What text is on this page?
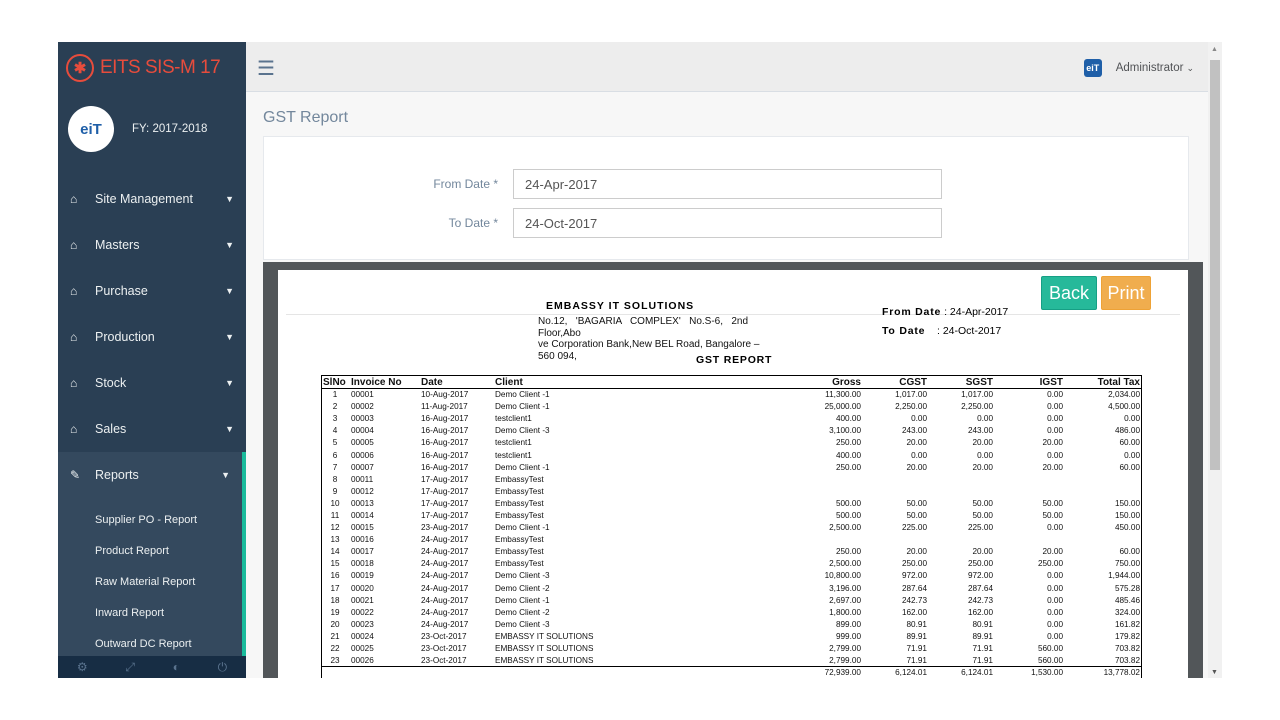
✱ EITS SIS-M 17
eiT	FY: 2017-2018
⌂	Site Management	▼
⌂	Masters	▼
⌂	Purchase	▼
⌂	Production	▼
⌂	Stock	▼
⌂	Sales	▼
✎	Reports	▼
Supplier PO - Report
Product Report
Raw Material Report
Inward Report
Outward DC Report
⚙	⤢	◐	⏻
☰	eiT Administrator ⌄
GST Report
From Date *
24-Apr-2017
To Date *
24-Oct-2017
Back	Print
EMBASSY IT SOLUTIONS
No.12,   'BAGARIA   COMPLEX'   No.S-6,   2nd
Floor,Abo
ve Corporation Bank,New BEL Road, Bangalore –
560 094,	GST REPORT
From Date : 24-Apr-2017
To Date : 24-Oct-2017
SlNo	Invoice No	Date	Client	Gross	CGST	SGST	IGST	Total Tax
1	00001	10-Aug-2017	Demo Client -1	11,300.00	1,017.00	1,017.00	0.00	2,034.00
2	00002	11-Aug-2017	Demo Client -1	25,000.00	2,250.00	2,250.00	0.00	4,500.00
3	00003	16-Aug-2017	testclient1	400.00	0.00	0.00	0.00	0.00
4	00004	16-Aug-2017	Demo Client -3	3,100.00	243.00	243.00	0.00	486.00
5	00005	16-Aug-2017	testclient1	250.00	20.00	20.00	20.00	60.00
6	00006	16-Aug-2017	testclient1	400.00	0.00	0.00	0.00	0.00
7	00007	16-Aug-2017	Demo Client -1	250.00	20.00	20.00	20.00	60.00
8	00011	17-Aug-2017	EmbassyTest					
9	00012	17-Aug-2017	EmbassyTest					
10	00013	17-Aug-2017	EmbassyTest	500.00	50.00	50.00	50.00	150.00
11	00014	17-Aug-2017	EmbassyTest	500.00	50.00	50.00	50.00	150.00
12	00015	23-Aug-2017	Demo Client -1	2,500.00	225.00	225.00	0.00	450.00
13	00016	24-Aug-2017	EmbassyTest					
14	00017	24-Aug-2017	EmbassyTest	250.00	20.00	20.00	20.00	60.00
15	00018	24-Aug-2017	EmbassyTest	2,500.00	250.00	250.00	250.00	750.00
16	00019	24-Aug-2017	Demo Client -3	10,800.00	972.00	972.00	0.00	1,944.00
17	00020	24-Aug-2017	Demo Client -2	3,196.00	287.64	287.64	0.00	575.28
18	00021	24-Aug-2017	Demo Client -1	2,697.00	242.73	242.73	0.00	485.46
19	00022	24-Aug-2017	Demo Client -2	1,800.00	162.00	162.00	0.00	324.00
20	00023	24-Aug-2017	Demo Client -3	899.00	80.91	80.91	0.00	161.82
21	00024	23-Oct-2017	EMBASSY IT SOLUTIONS	999.00	89.91	89.91	0.00	179.82
22	00025	23-Oct-2017	EMBASSY IT SOLUTIONS	2,799.00	71.91	71.91	560.00	703.82
23	00026	23-Oct-2017	EMBASSY IT SOLUTIONS	2,799.00	71.91	71.91	560.00	703.82
				72,939.00	6,124.01	6,124.01	1,530.00	13,778.02
▲
▼
